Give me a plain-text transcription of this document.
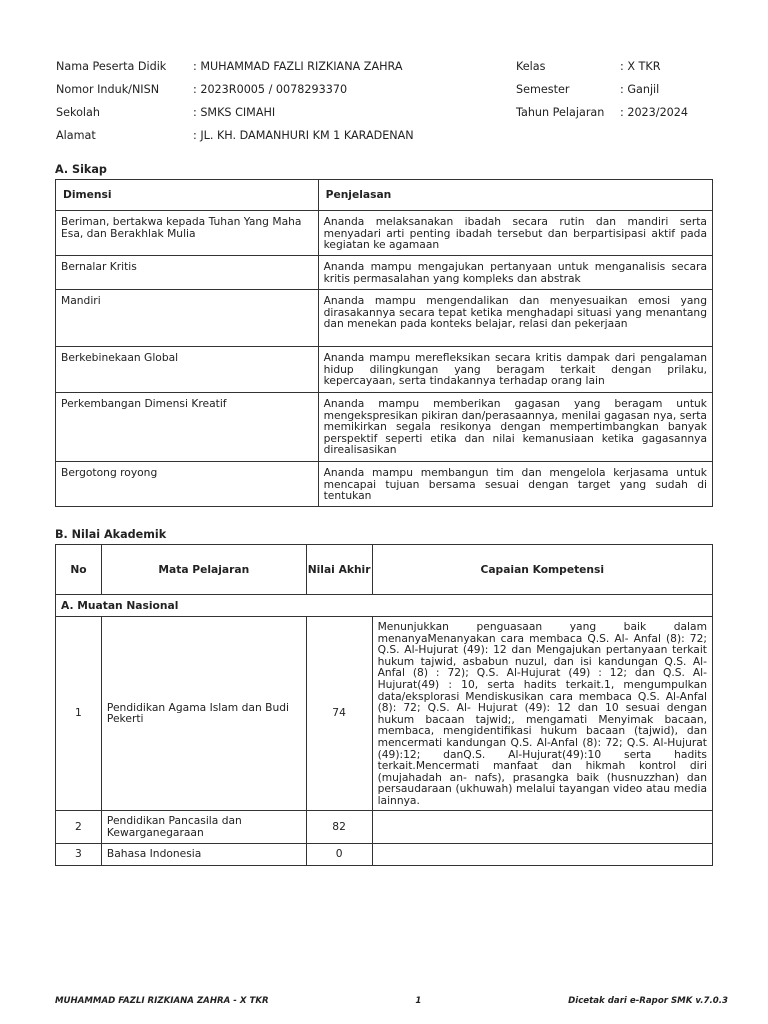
Nama Peserta Didik	: MUHAMMAD FAZLI RIZKIANA ZAHRA	Kelas	: X TKR
Nomor Induk/NISN	: 2023R0005 / 0078293370	Semester	: Ganjil
Sekolah	: SMKS CIMAHI	Tahun Pelajaran	: 2023/2024
Alamat	: JL. KH. DAMANHURI KM 1 KARADENAN
A. Sikap
Dimensi	Penjelasan
Beriman, bertakwa kepada Tuhan Yang Maha Esa, dan Berakhlak Mulia	Ananda melaksanakan ibadah secara rutin dan mandiri serta menyadari arti penting ibadah tersebut dan berpartisipasi aktif pada kegiatan ke agamaan
Bernalar Kritis	Ananda mampu mengajukan pertanyaan untuk menganalisis secara kritis permasalahan yang kompleks dan abstrak
Mandiri	Ananda mampu mengendalikan dan menyesuaikan emosi yang dirasakannya secara tepat ketika menghadapi situasi yang menantang dan menekan pada konteks belajar, relasi dan pekerjaan
Berkebinekaan Global	Ananda mampu merefleksikan secara kritis dampak dari pengalaman hidup dilingkungan yang beragam terkait dengan prilaku, kepercayaan, serta tindakannya terhadap orang lain
Perkembangan Dimensi Kreatif	Ananda mampu memberikan gagasan yang beragam untuk mengekspresikan pikiran dan/perasaannya, menilai gagasan nya, serta memikirkan segala resikonya dengan mempertimbangkan banyak perspektif seperti etika dan nilai kemanusiaan ketika gagasannya direalisasikan
Bergotong royong	Ananda mampu membangun tim dan mengelola kerjasama untuk mencapai tujuan bersama sesuai dengan target yang sudah di tentukan
B. Nilai Akademik
No	Mata Pelajaran	Nilai Akhir	Capaian Kompetensi
A. Muatan Nasional			
1	Pendidikan Agama Islam dan Budi Pekerti	74	Menunjukkan penguasaan yang baik dalam menanyaMenanyakan cara membaca Q.S. Al- Anfal (8): 72; Q.S. Al-Hujurat (49): 12 dan Mengajukan pertanyaan terkait hukum tajwid, asbabun nuzul, dan isi kandungan Q.S. Al- Anfal (8) : 72); Q.S. Al-Hujurat (49) : 12; dan Q.S. Al-Hujurat(49) : 10, serta hadits terkait.1, mengumpulkan data/eksplorasi Mendiskusikan cara membaca Q.S. Al-Anfal (8): 72; Q.S. Al- Hujurat (49): 12 dan 10 sesuai dengan hukum bacaan tajwid;, mengamati Menyimak bacaan, membaca, mengidentifikasi hukum bacaan (tajwid), dan mencermati kandungan Q.S. Al-Anfal (8): 72; Q.S. Al-Hujurat (49):12; danQ.S. Al-Hujurat(49):10 serta hadits terkait.Mencermati manfaat dan hikmah kontrol diri (mujahadah an- nafs), prasangka baik (husnuzzhan) dan persaudaraan (ukhuwah) melalui tayangan video atau media lainnya.
2	Pendidikan Pancasila dan Kewarganegaraan	82	
3	Bahasa Indonesia	0	
MUHAMMAD FAZLI RIZKIANA ZAHRA - X TKR	1	Dicetak dari e-Rapor SMK v.7.0.3
